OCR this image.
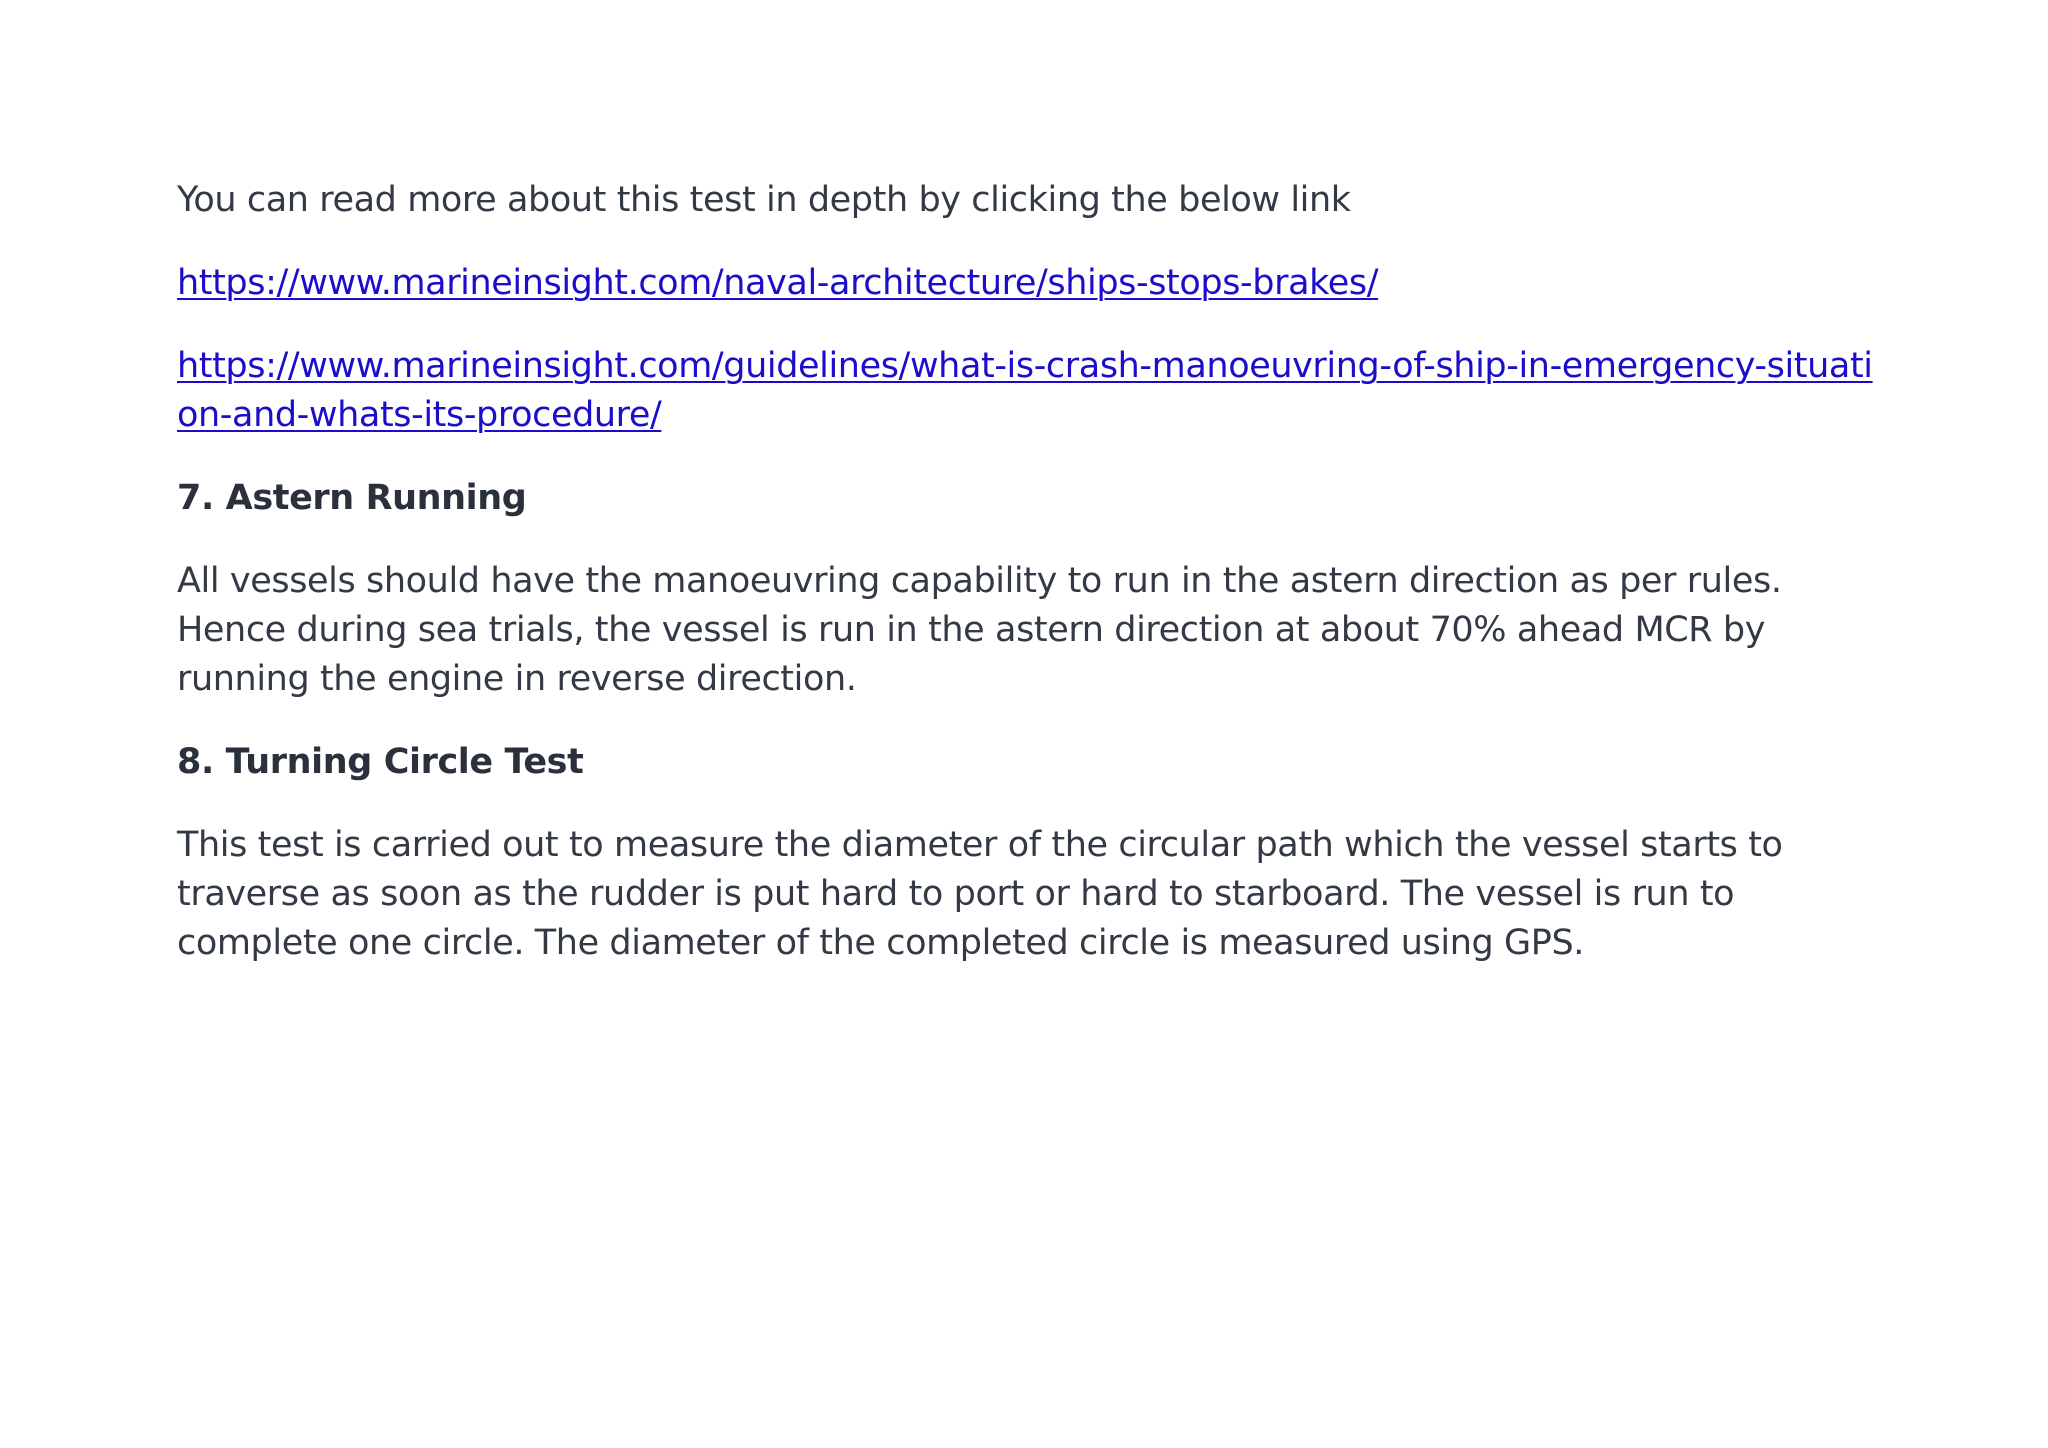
You can read more about this test in depth by clicking the below link

https://www.marineinsight.com/naval-architecture/ships-stops-brakes/
https://www.marineinsight.com/guidelines/what-is-crash-manoeuvring-of-ship-in-emergency-situation-and-whats-its-procedure/
7. Astern Running

All vessels should have the manoeuvring capability to run in the astern direction as per rules. Hence during sea trials, the vessel is run in the astern direction at about 70% ahead MCR by running the engine in reverse direction.

8. Turning Circle Test

This test is carried out to measure the diameter of the circular path which the vessel starts to traverse as soon as the rudder is put hard to port or hard to starboard. The vessel is run to complete one circle. The diameter of the completed circle is measured using GPS.
